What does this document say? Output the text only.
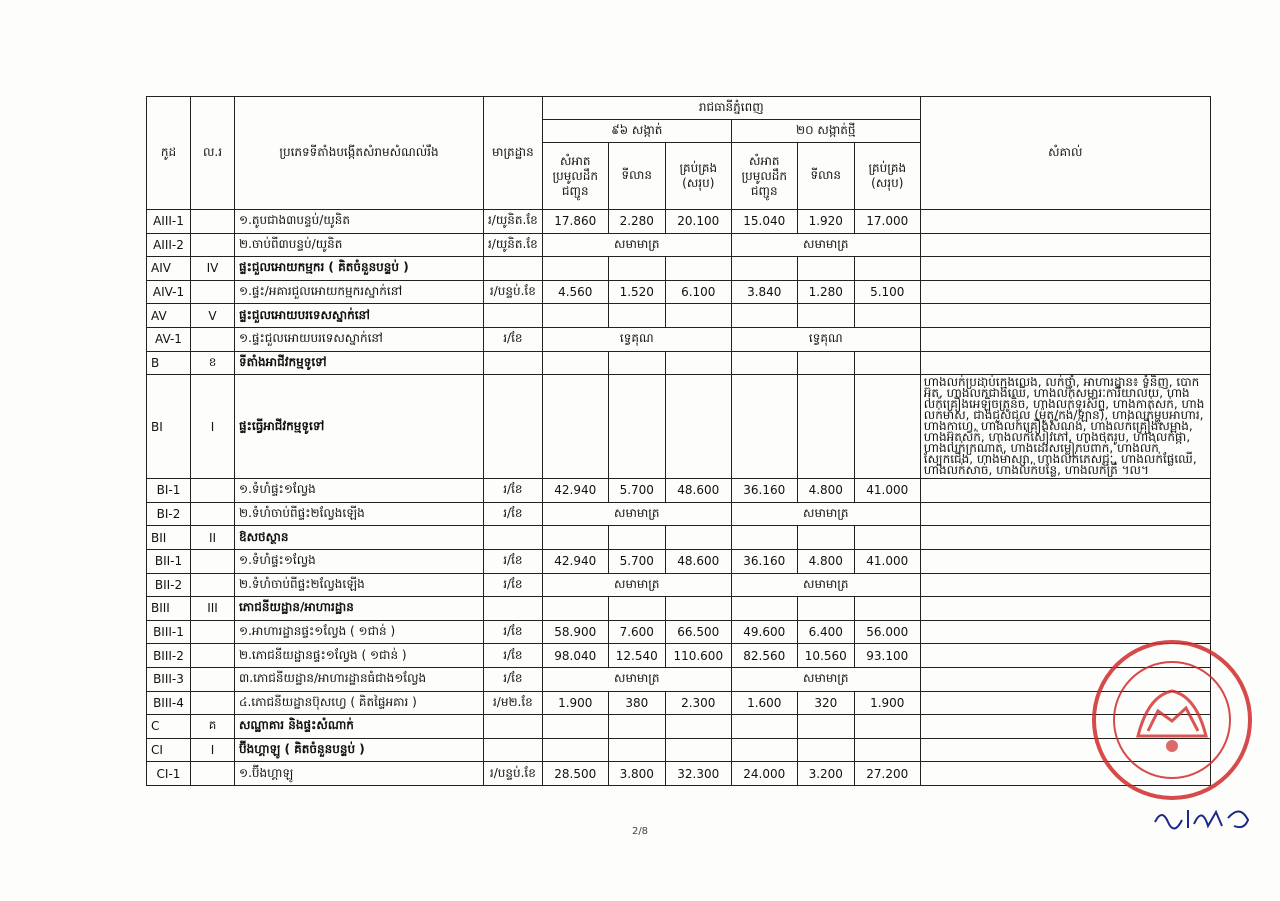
កូដ	ល.រ	ប្រភេទទីតាំងបង្កើតសំរាមសំណល់រឹង	មាត្រដ្ឋាន	រាជធានីភ្នំពេញ						សំគាល់
				៩៦ សង្កាត់			២០ សង្កាត់ថ្មី			
				សំអាត ប្រមូលដឹក ជញ្ជូន	ទីលាន	គ្រប់គ្រង (សរុប)	សំអាត ប្រមូលដឹក ជញ្ជូន	ទីលាន	គ្រប់គ្រង (សរុប)	
AIII-1		១.តូបជាង៣បន្ទប់/យូនិត	រ/យូនិត.ខែ	17.860	2.280	20.100	15.040	1.920	17.000	
AIII-2		២.ចាប់ពី៣បន្ទប់/យូនិត	រ/យូនិត.ខែ	សមាមាត្រ			សមាមាត្រ			
AIV	IV	ផ្ទះជួលអោយកម្មករ ( គិតចំនួនបន្ទប់ )								
AIV-1		១.ផ្ទះ/អគារជួលអោយកម្មករស្នាក់នៅ	រ/បន្ទប់.ខែ	4.560	1.520	6.100	3.840	1.280	5.100	
AV	V	ផ្ទះជួលអោយបរទេសស្នាក់នៅ								
AV-1		១.ផ្ទះជួលអោយបរទេសស្នាក់នៅ	រ/ខែ	ទ្វេគុណ			ទ្វេគុណ			
B	ខ	ទីតាំងអាជីវកម្មទូទៅ								
BI	I	ផ្ទះធ្វើអាជីវកម្មទូទៅ								ហាងលក់ប្រដាប់ក្មេងលេង, លក់ថ្នាំ, អាហារដ្ឋាន៖ ទំនិញ, បោកអ៊ុត, ហាងលក់ជាងឈើ, ហាងលក់សម្ភារៈការិយាល័យ, ហាងលក់គ្រឿងអេឡិចត្រូនិច, ហាងលក់ទូរស័ព្ទ, ហាងកាត់សក់, ហាងលក់មាស, ជាងជួសជុល (ម៉ូតូ/កង់/ឡាន), ហាងលក់ម្ហូបអាហារ, ហាងកាហ្វេ, ហាងលក់គ្រឿងសំណង់, ហាងលក់គ្រឿងសម្អាង, ហាងអ៊ុតសក់, ហាងលក់សៀវភៅ, ហាងថតរូប, ហាងលក់ផ្កា, ហាងលក់ក្រណាត់, ហាងដេរសម្លៀកបំពាក់, ហាងលក់ស្បែកជើង, ហាងម៉ាស្សា, ហាងលក់ភេសជ្ជៈ, ហាងលក់ផ្លែឈើ, ហាងលក់សាច់, ហាងលក់បន្លែ, ហាងលក់ត្រី ។ល។
BI-1		១.ទំហំផ្ទះ១ល្វែង	រ/ខែ	42.940	5.700	48.600	36.160	4.800	41.000	
BI-2		២.ទំហំចាប់ពីផ្ទះ២ល្វែងឡើង	រ/ខែ	សមាមាត្រ			សមាមាត្រ			
BII	II	ឱសថស្ថាន								
BII-1		១.ទំហំផ្ទះ១ល្វែង	រ/ខែ	42.940	5.700	48.600	36.160	4.800	41.000	
BII-2		២.ទំហំចាប់ពីផ្ទះ២ល្វែងឡើង	រ/ខែ	សមាមាត្រ			សមាមាត្រ			
BIII	III	ភោជនីយដ្ឋាន/អាហារដ្ឋាន								
BIII-1		១.អាហារដ្ឋានផ្ទះ១ល្វែង ( ១ជាន់ )	រ/ខែ	58.900	7.600	66.500	49.600	6.400	56.000	
BIII-2		២.ភោជនីយដ្ឋានផ្ទះ១ល្វែង ( ១ជាន់ )	រ/ខែ	98.040	12.540	110.600	82.560	10.560	93.100	
BIII-3		៣.ភោជនីយដ្ឋាន/អាហារដ្ឋានធំជាង១ល្វែង	រ/ខែ	សមាមាត្រ			សមាមាត្រ			
BIII-4		៤.ភោជនីយដ្ឋានប៊ុសហ្វេ ( គិតផ្ទៃអគារ )	រ/ម២.ខែ	1.900	380	2.300	1.600	320	1.900	
C	គ	សណ្ឋាគារ និងផ្ទះសំណាក់								
CI	I	ប៊ីងហ្គាឡូ ( គិតចំនួនបន្ទប់ )								
CI-1		១.ប៊ីងហ្គាឡូ	រ/បន្ទប់.ខែ	28.500	3.800	32.300	24.000	3.200	27.200	
2/8
